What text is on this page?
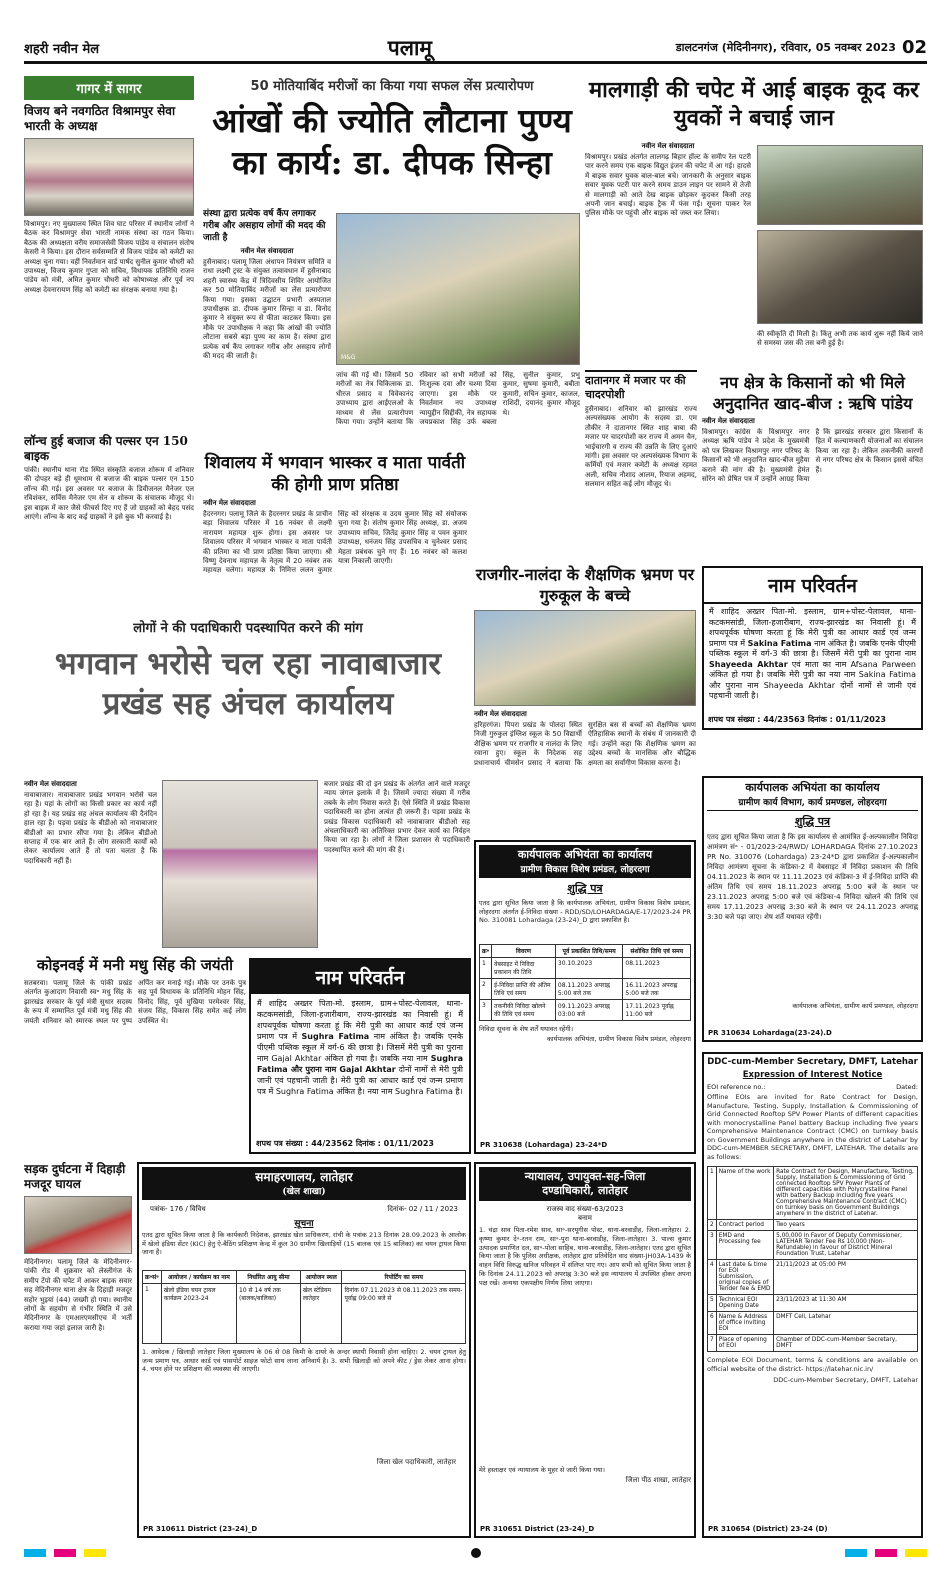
शहरी नवीन मेल	पलामू	डालटनगंज (मेदिनीनगर), रविवार, 05 नवम्बर 2023 02
गागर में सागर
विजय बने नवगठित विश्रामपुर सेवा भारती के अध्यक्ष
विश्रामपुर। नए मुख्यालय स्थित शिव घाट परिसर में स्थानीय लोगों ने बैठक कर विश्रामपुर सेवा भारती नामक संस्था का गठन किया। बैठक की अध्यक्षता वरीय समाजसेवी विजय पांडेय व संचालन संतोष केसरी ने किया। इस दौरान सर्वसम्मति से विजय पांडेय को कमेटी का अध्यक्ष चुना गया। वहीं निवर्तमान वार्ड पार्षद सुनील कुमार चौधरी को उपाध्यक्ष, विजय कुमार गुप्ता को सचिव, विधायक प्रतिनिधि राजन पांडेय को मंत्री, अमित कुमार चौधरी को कोषाध्यक्ष और पूर्व नप अध्यक्ष देवनारायण सिंह को कमेटी का संरक्षक बनाया गया है।
लॉन्च हुई बजाज की पल्सर एन 150 बाइक
पांकी। स्थानीय थाना रोड स्थित संस्कृति बजाज शोरूम में शनिवार की दोपहर बड़े ही धूमधाम से बजाज की बाइक पल्सर एन 150 लॉन्च की गई। इस अवसर पर बजाज के डिवीजनल मैनेजर एल रविशंकर, सर्विस मैनेजर एम सेन व शोरूम के संचालक मौजूद थे। इस बाइक में कार जैसे फीचर्स दिए गए हैं जो ग्राहकों को बेहद पसंद आएंगे। लॉन्च के बाद कई ग्राहकों ने इसे बुक भी करवाई है।
50 मोतियाबिंद मरीजों का किया गया सफल लेंस प्रत्यारोपण
आंखों की ज्योति लौटाना पुण्य का कार्य: डा. दीपक सिन्हा
संस्था द्वारा प्रत्येक वर्ष कैंप लगाकर गरीब और असहाय लोगों की मदद की जाती है
नवीन मेल संवाददाता
हुसैनाबाद। पलामू जिला अंधापन नियंत्रण समिति व राधा लक्ष्मी ट्रस्ट के संयुक्त तत्वावधान में हुसैनाबाद शहरी स्वास्थ्य केंद्र में त्रिदिवसीय शिविर आयोजित कर 50 मोतियाबिंद मरीजों का लेंस प्रत्यारोपण किया गया। इसका उद्घाटन प्रभारी अस्पताल उपाधीक्षक डा. दीपक कुमार सिन्हा व डा. विनोद कुमार ने संयुक्त रूप से फीता काटकर किया। इस मौके पर उपाधीक्षक ने कहा कि आंखों की ज्योति लौटाना सबसे बड़ा पुण्य का काम है। संस्था द्वारा प्रत्येक वर्ष कैंप लगाकर गरीब और असहाय लोगों की मदद की जाती है।	M&G
जांच की गई थी। जिसमें 50 मरीजों का नेत्र चिकित्सक डा. धीरज प्रसाद व विवेकानंद उपाध्याय द्वारा आईएलओ के माध्यम से लेंस प्रत्यारोपण किया गया। उन्होंने बताया कि रविवार को सभी मरीजों को निःशुल्क दवा और चश्मा दिया जाएगा। इस मौके पर निवर्तमान नप उपाध्यक्ष न्यायुद्दीन सिद्दीकी, नेत्र सहायक जयप्रकाश सिंह उर्फ बबला सिंह, सुनील कुमार, प्रभु कुमार, सुषमा कुमारी, बबीता कुमारी, सचिन कुमार, काजल, राशिदी, दयानंद कुमार मौजूद थे।
शिवालय में भगवान भास्कर व माता पार्वती की होगी प्राण प्रतिष्ठा
नवीन मेल संवाददाता
हैदरनगर। पलामू जिले के हैदरनगर प्रखंड के प्राचीन बड़ा शिवालय परिसर में 16 नवंबर से लक्ष्मी नारायण महायज्ञ शुरू होगा। इस अवसर पर शिवालय परिसर में भगवान भास्कर व माता पार्वती की प्रतिमा का भी प्राण प्रतिष्ठा किया जाएगा। श्री विष्णु देवनाथ महायज्ञ के नेतृत्व में 20 नवंबर तक महायज्ञ चलेगा। महायज्ञ के निमित्त ललन कुमार सिंह को संरक्षक व उदय कुमार सिंह को संयोजक चुना गया है। संतोष कुमार सिंह अध्यक्ष, डा. अजय उपाध्याय सचिव, जितेंद्र कुमार सिंह व पवन कुमार उपाध्यक्ष, धनंजय सिंह उपसचिव व चुनेश्वर प्रसाद मेहता प्रबंधक चुने गए हैं। 16 नवंबर को कलश यात्रा निकाली जाएगी।
दातानगर में मजार पर की चादरपोशी
हुसैनाबाद। शनिवार को झारखंड राज्य अल्पसंख्यक आयोग के सदस्य डा. एम तौकीर ने दातानगर स्थित शाह बाबा की मजार पर चादरपोशी कर राज्य में अमन चैन, भाईचारगी व राज्य की उन्नति के लिए दुआएं मांगी। इस अवसर पर अल्पसंख्यक विभाग के कर्मियों एवं मजार कमेटी के अध्यक्ष रहमत अली, सचिव नौशाद आलम, रियाज अहमद, सलमान सहित कई लोग मौजूद थे।
मालगाड़ी की चपेट में आई बाइक कूद कर युवकों ने बचाई जान
नवीन मेल संवाददाता
विश्रामपुर। प्रखंड अंतर्गत लालगढ़ बिहार हॉल्ट के समीप रेल पटरी पार करने समय एक बाइक विद्युत इंजन की चपेट में आ गई। हादसे में बाइक सवार युवक बाल-बाल बचे। जानकारी के अनुसार बाइक सवार युवक पटरी पार करने समय डाउन लाइन पर सामने से तेजी से मालगाड़ी को आते देख बाइक छोड़कर कूदकर किसी तरह अपनी जान बचाई। बाइक ट्रैक में फंस गई। सूचना पाकर रेल पुलिस मौके पर पहुंची और बाइक को जब्त कर लिया।
की स्वीकृति दी मिली है। किंतु अभी तक कार्य शुरू नहीं किये जाने से समस्या जस की तस बनी हुई है।
नप क्षेत्र के किसानों को भी मिले अनुदानित खाद-बीज : ऋषि पांडेय
नवीन मेल संवाददाता
विश्रामपुर। कांग्रेस के विश्रामपुर नगर अध्यक्ष ऋषि पांडेय ने प्रदेश के मुख्यमंत्री को पत्र लिखकर विश्रामपुर नगर परिषद के किसानों को भी अनुदानित खाद-बीज मुहैया कराने की मांग की है। मुख्यमंत्री हेमंत सोरेन को प्रेषित पत्र में उन्होंने आग्रह किया है कि झारखंड सरकार द्वारा किसानों के हित में कल्याणकारी योजनाओं का संचालन किया जा रहा है। लेकिन तकनीकी कारणों से नगर परिषद क्षेत्र के किसान इससे वंचित हैं।
राजगीर-नालंदा के शैक्षणिक भ्रमण पर गुरुकूल के बच्चे
नवीन मेल संवाददाता
हरिहरगंज। पिपरा प्रखंड के पोलदा स्थित निजी गुरुकुल इंग्लिश स्कूल के 50 विद्यार्थी शैक्षिक भ्रमण पर राजगीर व नालंदा के लिए रवाना हुए। स्कूल के निदेशक सह प्रधानाचार्य चीमसेन प्रसाद ने बताया कि सुरक्षित बस से बच्चों को शैक्षणिक भ्रमण ऐतिहासिक स्थानों के संबंध में जानकारी दी गई। उन्होंने कहा कि शैक्षणिक भ्रमण का उद्देश्य बच्चों के मानसिक और बौद्धिक क्षमता का सर्वांगीण विकास करना है।
नाम परिवर्तन
मैं शाहिद अख्तर पिता-मो. इस्लाम, ग्राम+पोस्ट-पेलावल, थाना-कटकमसांडी, जिला-हजारीबाग, राज्य-झारखंड का निवासी हूं। मैं शपथपूर्वक घोषणा करता हूं कि मेरी पुत्री का आधार कार्ड एवं जन्म प्रमाण पत्र में Sakina Fatima नाम अंकित है। जबकि एनके पीएमी पब्लिक स्कूल में वर्ग-3 की छात्रा है। जिसमें मेरी पुत्री का पुराना नाम Shayeeda Akhtar एवं माता का नाम Afsana Parween अंकित हो गया है। जबकि मेरी पुत्री का नया नाम Sakina Fatima और पुराना नाम Shayeeda Akhtar दोनों नामों से जानी एवं पहचानी जाती है।
शपथ पत्र संख्या : 44/23563 दिनांक : 01/11/2023
लोगों ने की पदाधिकारी पदस्थापित करने की मांग
भगवान भरोसे चल रहा नावाबाजार प्रखंड सह अंचल कार्यालय
नवीन मेल संवाददाता
नावाबाजार। नावाबाजार प्रखंड भगवान भरोसे चल रहा है। यहां के लोगों का किसी प्रकार का कार्य नहीं हो रहा है। यह प्रखंड सह अंचल कार्यालय की दैनंदिन हाल रहा है। पड़वा प्रखंड के बीडीओ को नावाबाजार बीडीओ का प्रभार सौंपा गया है। लेकिन बीडीओ सप्ताह में एक बार आते हैं। लोग सरकारी कार्यों को लेकर कार्यालय आते हैं तो पता चलता है कि पदाधिकारी नहीं हैं।
बजार प्रखंड की दो इन प्रखंड के अंतर्गत आने वाले मजदूर न्याय जंगल इलाके में है। जिसमें ज्यादा संख्या में गरीब तबके के लोग निवास करते हैं। ऐसे स्थिति में प्रखंड विकास पदाधिकारी का होना अत्यंत ही जरूरी है। पड़वा प्रखंड के प्रखंड विकास पदाधिकारी को नावाबाजार बीडीओ सह अंचलाधिकारी का अतिरिक्त प्रभार देकर कार्य का निर्वहन किया जा रहा है। लोगों ने जिला प्रशासन से पदाधिकारी पदस्थापित करने की मांग की है।
कोइनवई में मनी मधु सिंह की जयंती
सतबरवा। पलामू जिले के पांकी प्रखंड अंतर्गत कुआदाग निवासी स्व॰ मधु सिंह के झारखंड सरकार के पूर्व मंत्री सुधार सदस्य के रूप में सम्मानित पूर्व मंत्री मधु सिंह की जयंती शनिवार को स्मारक स्थल पर पुष्प अर्पित कर मनाई गई। मौके पर उनके पुत्र सह पूर्व विधायक के प्रतिनिधि मोहन सिंह, विनोद सिंह, पूर्व मुखिया परमेश्वर सिंह, संजय सिंह, विकास सिंह समेत कई लोग उपस्थित थे।
नाम परिवर्तन
मैं शाहिद अख्तर पिता-मो. इस्लाम, ग्राम+पोस्ट-पेलावल, थाना-कटकमसांडी, जिला-हजारीबाग, राज्य-झारखंड का निवासी हूं। मैं शपथपूर्वक घोषणा करता हूं कि मेरी पुत्री का आधार कार्ड एवं जन्म प्रमाण पत्र में Sughra Fatima नाम अंकित है। जबकि एनके पीएमी पब्लिक स्कूल में वर्ग-6 की छात्रा है। जिसमें मेरी पुत्री का पुराना नाम Gajal Akhtar अंकित हो गया है। जबकि नया नाम Sughra Fatima और पुराना नाम Gajal Akhtar दोनों नामों से मेरी पुत्री जानी एवं पहचानी जाती है। मेरी पुत्री का आधार कार्ड एवं जन्म प्रमाण पत्र में Sughra Fatima अंकित है। नया नाम Sughra Fatima है।
शपथ पत्र संख्या : 44/23562 दिनांक : 01/11/2023
कार्यपालक अभियंता का कार्यालय
ग्रामीण विकास विशेष प्रमंडल, लोहरदगा
शुद्धि पत्र
एतद द्वारा सूचित किया जाता है कि कार्यपालक अभियंता, ग्रामीण विकास विशेष प्रमंडल, लोहरदगा अंतर्गत ई-निविदा संख्या - RDD/SD/LOHARDAGA/E-17/2023-24 PR No. 310081 Lohardaga (23-24)_D द्वारा प्रकाशित है।
क्र॰	विवरण	पूर्व प्रकाशित तिथि/समय	संशोधित तिथि एवं समय
1	वेबसाइट में निविदा प्रकाशन की तिथि	30.10.2023	08.11.2023
2	ई-निविदा प्राप्ति की अंतिम तिथि एवं समय	08.11.2023 अपराह्न 5:00 बजे तक	16.11.2023 अपराह्न 5:00 बजे तक
3	तकनीकी निविदा खोलने की तिथि एवं समय	09.11.2023 अपराह्न 03:00 बजे	17.11.2023 पूर्वाह्न 11:00 बजे
निविदा सूचना के शेष शर्तें यथावत रहेंगी।
कार्यपालक अभियंता, ग्रामीण विकास विशेष प्रमंडल, लोहरदगा
PR 310638 (Lohardaga) 23-24*D
कार्यपालक अभियंता का कार्यालय
ग्रामीण कार्य विभाग, कार्य प्रमण्डल, लोहरदगा
शुद्धि पत्र
एतद द्वारा सूचित किया जाता है कि इस कार्यालय से आमंत्रित ई-अल्पकालीन निविदा आमंत्रण सं॰ - 01/2023-24/RWD/ LOHARDAGA दिनांक 27.10.2023 PR No. 310076 (Lohardaga) 23-24*D द्वारा प्रकाशित ई-अल्पकालीन निविदा आमंत्रण सूचना के कंडिका-2 में वेबसाइट में निविदा प्रकाशन की तिथि 04.11.2023 के स्थान पर 11.11.2023 एवं कंडिका-3 में ई-निविदा प्राप्ति की अंतिम तिथि एवं समय 18.11.2023 अपराह्न 5:00 बजे के स्थान पर 23.11.2023 अपराह्न 5:00 बजे एवं कंडिका-4 निविदा खोलने की तिथि एवं समय 17.11.2023 अपराह्न 3:30 बजे के स्थान पर 24.11.2023 अपराह्न 3:30 बजे पढ़ा जाए। शेष शर्तें यथावत रहेंगी।
कार्यपालक अभियंता, ग्रामीण कार्य प्रमण्डल, लोहरदगा
PR 310634 Lohardaga(23-24).D
DDC-cum-Member Secretary, DMFT, Latehar
Expression of Interest Notice
EOI reference no.:	Dated:
Offline EOIs are invited for Rate Contract for Design, Manufacture, Testing, Supply, Installation & Commissioning of Grid Connected Rooftop SPV Power Plants of different capacities with monocrystalline Panel battery Backup including five years Comprehensive Maintenance Contract (CMC) on turnkey basis on Government Buildings anywhere in the district of Latehar by DDC-cum-MEMBER SECRETARY, DMFT, LATEHAR. The details are as follows:
1	Name of the work	Rate Contract for Design, Manufacture, Testing, Supply, Installation & Commissioning of Grid connected Rooftop SPV Power Plants of different capacities with Polycrystalline Panel with battery Backup including five years Comprehensive Maintenance Contract (CMC) on turnkey basis on Government Buildings anywhere in the district of Latehar.
2	Contract period	Two years
3	EMD and Processing fee	5,00,000 in Favor of Deputy Commissioner, LATEHAR Tender Fee Rs 10,000 (Non-Refundable) in favour of District Mineral Foundation Trust, Latehar
4	Last date & time for EOI Submission, original copies of Tender fee & EMD	21/11/2023 at 05:00 PM
5	Technical EOI Opening Date	23/11/2023 at 11:30 AM
6	Name & Address of office inviting EOI	DMFT Cell, Latehar
7	Place of opening of EOI	Chamber of DDC-cum-Member Secretary, DMFT
Complete EOI Document, terms & conditions are available on official website of the district- https://latehar.nic.in/
DDC-cum-Member Secretary, DMFT, Latehar
PR 310654 (District) 23-24 (D)
सड़क दुर्घटना में दिहाड़ी मजदूर घायल
मेदिनीनगर। पलामू जिले के मेदिनीनगर-पांकी रोड में शुक्रवार को लेस्लीगंज के समीप टेंपो की चपेट में आकर बाइक सवार सह मेदिनीनगर थाना क्षेत्र के दिहाड़ी मजदूर सहोर भुइयां (44) जख्मी हो गया। स्थानीय लोगों के सहयोग से गंभीर स्थिति में उसे मेदिनीनगर के एमआरएमसीएच में भर्ती कराया गया जहां इलाज जारी है।
समाहरणालय, लातेहार
(खेल शाखा)
पत्रांक- 176 / विविध	दिनांक- 02 / 11 / 2023
सूचना
एतद द्वारा सूचित किया जाता है कि कार्यकारी निदेशक, झारखंड खेल प्राधिकरण, रांची के पत्रांक 213 दिनांक 28.09.2023 के आलोक में खेलो इंडिया सेंटर (KIC) हेतु ऐ-बैठिंग प्रशिक्षण केन्द्र में कुल 30 ग्रामीण खिलाड़ियों (15 बालक एवं 15 बालिका) का चयन ट्रायल किया जाना है।
क्र॰सं॰	आयोजन / कार्यक्रम का नाम	निर्धारित आयु सीमा	आयोजन स्थल	रिपोर्टिंग का समय
1	खेलो इंडिया चयन ट्रायल कार्यक्रम 2023-24	10 से 14 वर्ष तक (बालक/बालिका)	खेल स्टेडियम लातेहार	दिनांक 07.11.2023 से 08.11.2023 तक समय-पूर्वाह्न 09:00 बजे से
1. आवेदक / खिलाड़ी लातेहार जिला मुख्यालय के 06 से 08 किमी के दायरे के अन्दर स्थायी निवासी होना चाहिए। 2. चयन ट्रायल हेतु जन्म प्रमाण पत्र, आधार कार्ड एवं पासपोर्ट साइज फोटो साथ लाना अनिवार्य है। 3. सभी खिलाड़ी को अपने कीट / ड्रेस लेकर आना होगा। 4. चयन होने पर प्रशिक्षण की व्यवस्था की जाएगी।
जिला खेल पदाधिकारी, लातेहार
PR 310611 District (23-24)_D
न्यायालय, उपायुक्त-सह-जिला
दण्डाधिकारी, लातेहार
राजस्व वाद संख्या-63/2023
बनाम
1. चंद्रा साव पिता-रमेश साव, सा॰-सरयूगीस पोस्ट, थाना-बरवाडीह, जिला-लातेहार। 2. कृष्णा कुमार दे॰-रतन राम, सा॰-पुरा थाना-बरवाडीह, जिला-लातेहार। 3. पाल्स कुमार उत्पादक प्रमाणित दल, सा॰-पोला साहिब, थाना-बरवाडीह, जिला-लातेहार। एतद द्वारा सूचित किया जाता है कि पुलिस अधीक्षक, लातेहार द्वारा प्रतिवेदित वाद संख्या-JH03A-1439 के वाहन विधि विरुद्ध खनिज परिवहन में संलिप्त पाए गए। आप सभी को सूचित किया जाता है कि दिनांक 24.11.2023 को अपराह्न 3:30 बजे इस न्यायालय में उपस्थित होकर अपना पक्ष रखें। अन्यथा एकपक्षीय निर्णय लिया जाएगा।
मेरे हस्ताक्षर एवं न्यायालय के मुहर से जारी किया गया।
जिला पीठ शाखा, लातेहार
PR 310651 District (23-24)_D
